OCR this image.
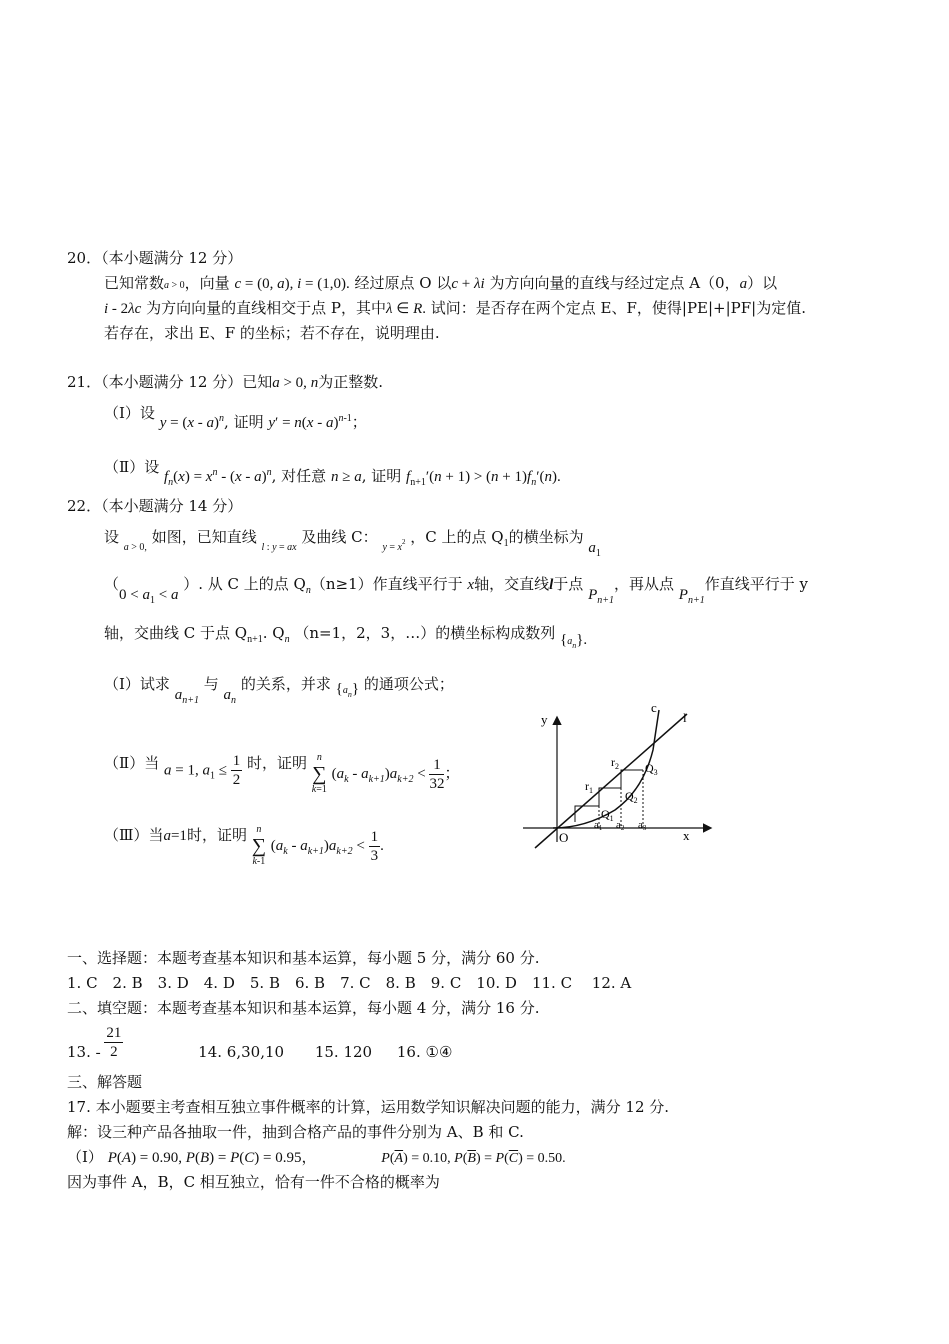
20．（本小题满分 12 分）
已知常数a > 0，向量 c = (0, a), i = (1,0). 经过原点 O 以c + λi 为方向向量的直线与经过定点 A（0，a）以
i - 2λc 为方向向量的直线相交于点 P，其中λ ∈ R. 试问：是否存在两个定点 E、F，使得|PE|+|PF|为定值.
若存在，求出 E、F 的坐标；若不存在，说明理由.
21．（本小题满分 12 分）已知a > 0, n为正整数.
（Ⅰ）设 y = (x - a)$^n$, 证明 y′ = n(x - a)$^{n-1}$；
（Ⅱ）设 $f_n(x) = x^n - (x - a)^n$, 对任意 n ≥ a, 证明 $f_{n+1}'(n + 1) > (n + 1)f_n'(n)$.
22．（本小题满分 14 分）
设 a > 0, 如图，已知直线 l : y = ax 及曲线 C： $y = x^2$ ，C 上的点 $Q_1$的横坐标为 $a_1$
（$0 < a_1 < a$ ）. 从 C 上的点 $Q_n(n\ge 1)$作直线平行于 x轴，交直线l于点 $P_{n+1}$，再从点 $P_{n+1}$作直线平行于 y
轴，交曲线 C 于点 $Q_{n+1}$. $Q_n$ （n=1，2，3，…）的横坐标构成数列 $\{a_n\}$.
（Ⅰ）试求 $a_{n+1}$ 与 $a_n$ 的关系，并求 $\{a_n\}$ 的通项公式；
（Ⅱ）当 a = 1, $a_1 \le \frac{1}{2}$ 时，证明 n
∑
k=1
$(a_k - a_{k+1})a_{k+2} < \frac{1}{32}$ ；
（Ⅲ）当a=1时，证明 n
∑
k-1
$(a_k - a_{k+1})a_{k+2} < \frac{1}{3}$ .
y
x
O
c
l
$r_1$
$r_2$
$Q_1$
$Q_2$
$Q_3$
a1 a2 a3
一、选择题：本题考查基本知识和基本运算，每小题 5 分，满分 60 分.
1. C　2. B　3. D　4. D　5. B　6. B　7. C　8. B　9. C　10. D　11. C　 12. A
二、填空题：本题考查基本知识和基本运算，每小题 4 分，满分 16 分.
13. - $\frac{21}{2}$	14. 6,30,10 15. 120 16. ①④
三、解答题
17. 本小题要主考查相互独立事件概率的计算，运用数学知识解决问题的能力，满分 12 分.
解：设三种产品各抽取一件，抽到合格产品的事件分别为 A、B 和 C.
（Ⅰ） P(A) = 0.90, P(B) = P(C) = 0.95，	$P(\overline{A}) = 0.10$, $P(\overline{B}) = P(\overline{C}) = 0.50$.
因为事件 A，B，C 相互独立，恰有一件不合格的概率为
